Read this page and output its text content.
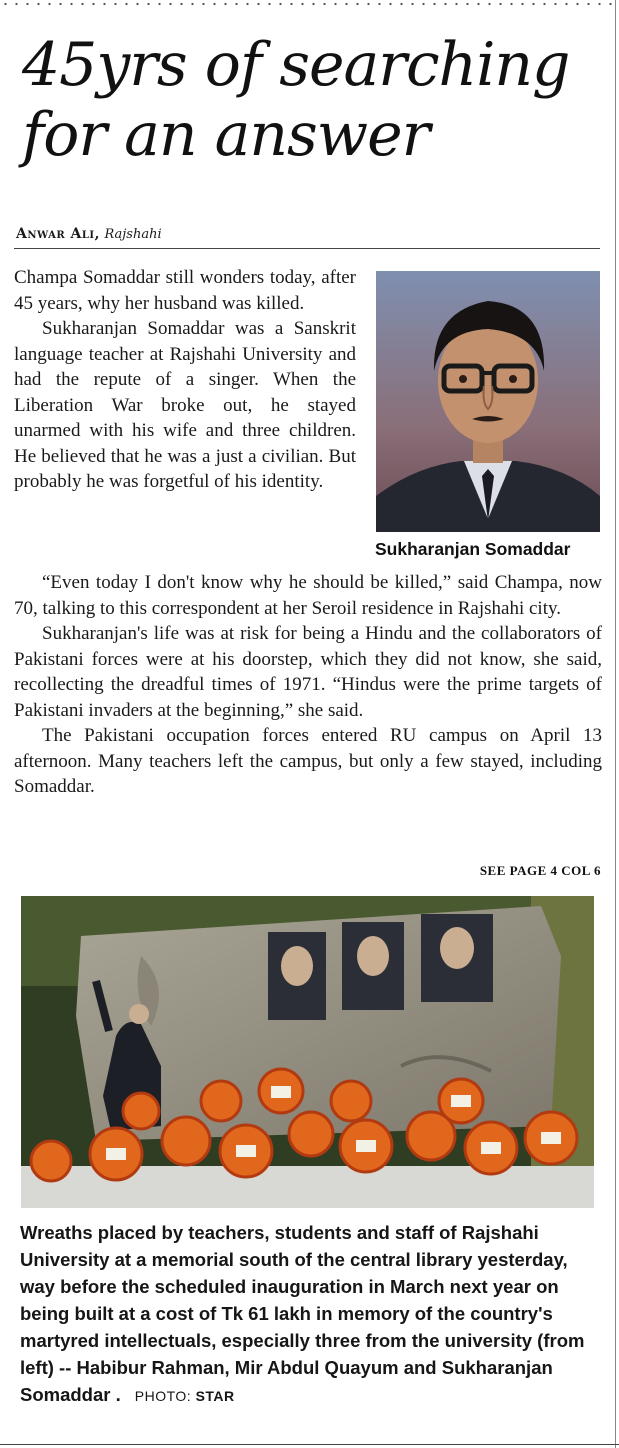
45yrs of searching
for an answer
Anwar Ali, Rajshahi

Champa Somaddar still wonders today, after 45 years, why her husband was killed.

Sukharanjan Somaddar was a Sanskrit language teacher at Rajshahi University and had the repute of a singer. When the Liberation War broke out, he stayed unarmed with his wife and three children. He believed that he was a just a civilian. But probably he was forgetful of his identity.

Sukharanjan Somaddar

“Even today I don't know why he should be killed,” said Champa, now 70, talking to this correspondent at her Seroil residence in Rajshahi city.

Sukharanjan's life was at risk for being a Hindu and the collaborators of Pakistani forces were at his doorstep, which they did not know, she said, recollecting the dreadful times of 1971. “Hindus were the prime targets of Pakistani invaders at the beginning,” she said.

The Pakistani occupation forces entered RU campus on April 13 afternoon. Many teachers left the campus, but only a few stayed, including Somaddar.

SEE PAGE 4 COL 6
Wreaths placed by teachers, students and staff of Rajshahi University at a memorial south of the central library yesterday, way before the scheduled inauguration in March next year on being built at a cost of Tk 61 lakh in memory of the country's martyred intellectuals, especially three from the university (from left) -- Habibur Rahman, Mir Abdul Quayum and Sukharanjan Somaddar . PHOTO: STAR
